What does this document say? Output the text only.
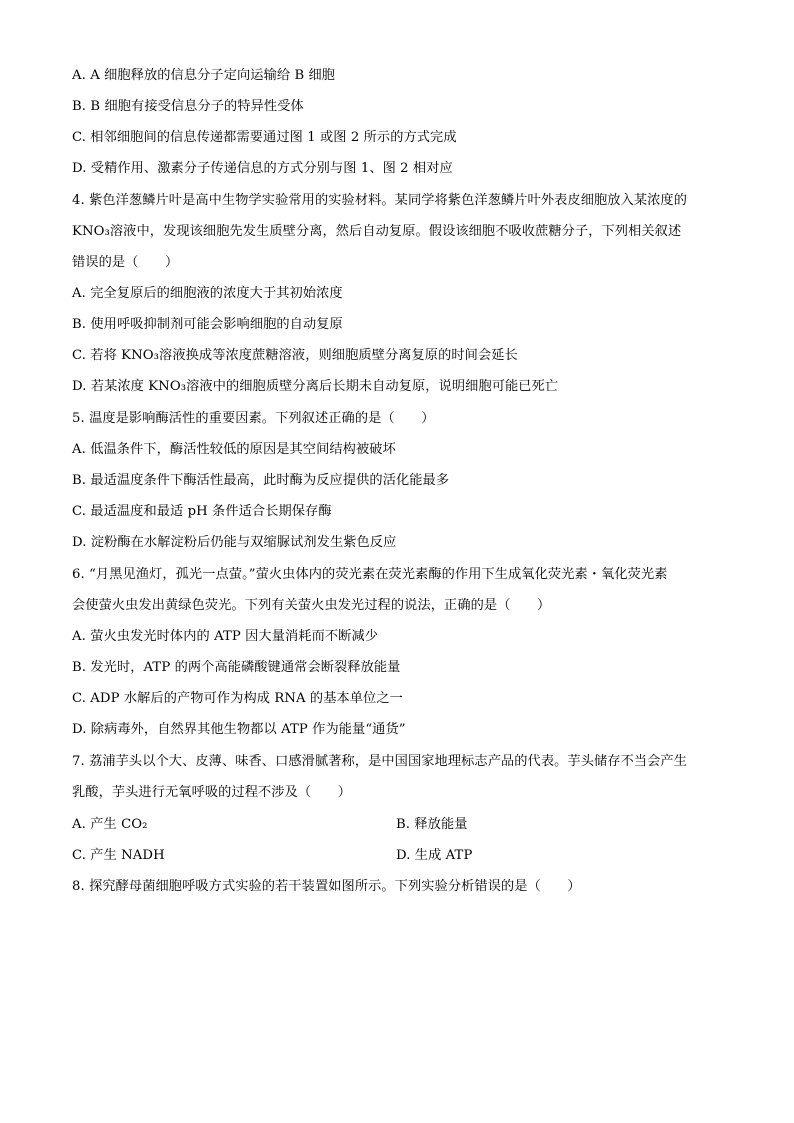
A. A 细胞释放的信息分子定向运输给 B 细胞
B. B 细胞有接受信息分子的特异性受体
C. 相邻细胞间的信息传递都需要通过图 1 或图 2 所示的方式完成
D. 受精作用、激素分子传递信息的方式分别与图 1、图 2 相对应
4. 紫色洋葱鳞片叶是高中生物学实验常用的实验材料。某同学将紫色洋葱鳞片叶外表皮细胞放入某浓度的
KNO₃溶液中，发现该细胞先发生质壁分离，然后自动复原。假设该细胞不吸收蔗糖分子，下列相关叙述
错误的是（　　）
A. 完全复原后的细胞液的浓度大于其初始浓度
B. 使用呼吸抑制剂可能会影响细胞的自动复原
C. 若将 KNO₃溶液换成等浓度蔗糖溶液，则细胞质壁分离复原的时间会延长
D. 若某浓度 KNO₃溶液中的细胞质壁分离后长期未自动复原，说明细胞可能已死亡
5. 温度是影响酶活性的重要因素。下列叙述正确的是（　　）
A. 低温条件下，酶活性较低的原因是其空间结构被破坏
B. 最适温度条件下酶活性最高，此时酶为反应提供的活化能最多
C. 最适温度和最适 pH 条件适合长期保存酶
D. 淀粉酶在水解淀粉后仍能与双缩脲试剂发生紫色反应
6. “月黑见渔灯，孤光一点萤。”萤火虫体内的荧光素在荧光素酶的作用下生成氧化荧光素・氧化荧光素
会使萤火虫发出黄绿色荧光。下列有关萤火虫发光过程的说法，正确的是（　　）
A. 萤火虫发光时体内的 ATP 因大量消耗而不断减少
B. 发光时，ATP 的两个高能磷酸键通常会断裂释放能量
C. ADP 水解后的产物可作为构成 RNA 的基本单位之一
D. 除病毒外，自然界其他生物都以 ATP 作为能量“通货”
7. 荔浦芋头以个大、皮薄、味香、口感滑腻著称，是中国国家地理标志产品的代表。芋头储存不当会产生
乳酸，芋头进行无氧呼吸的过程不涉及（　　）
A. 产生 CO₂	B. 释放能量
C. 产生 NADH	D. 生成 ATP
8. 探究酵母菌细胞呼吸方式实验的若干装置如图所示。下列实验分析错误的是（　　）
